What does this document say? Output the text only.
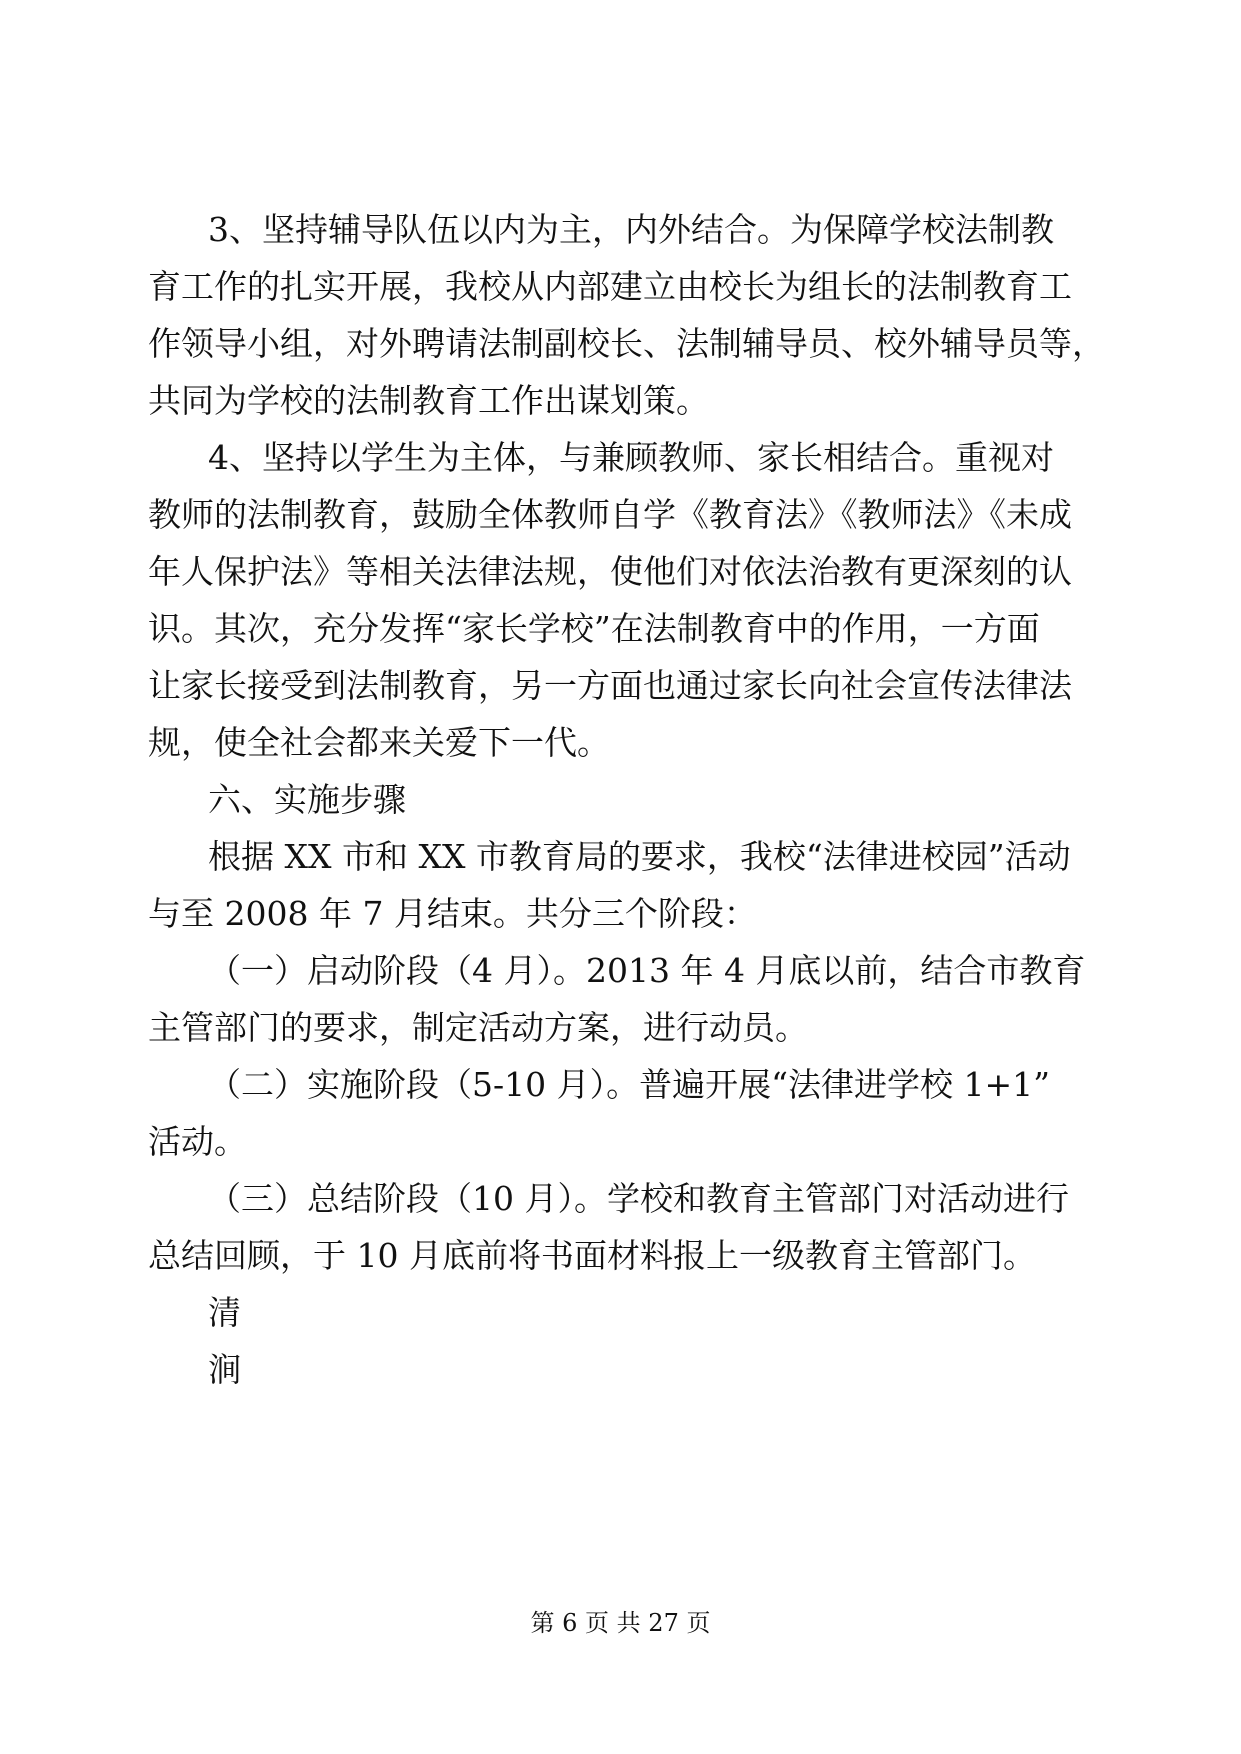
3、坚持辅导队伍以内为主，内外结合。为保障学校法制教
育工作的扎实开展，我校从内部建立由校长为组长的法制教育工
作领导小组，对外聘请法制副校长、法制辅导员、校外辅导员等，
共同为学校的法制教育工作出谋划策。
4、坚持以学生为主体，与兼顾教师、家长相结合。重视对
教师的法制教育，鼓励全体教师自学《教育法》《教师法》《未成
年人保护法》等相关法律法规，使他们对依法治教有更深刻的认
识。其次，充分发挥“家长学校”在法制教育中的作用，一方面
让家长接受到法制教育，另一方面也通过家长向社会宣传法律法
规，使全社会都来关爱下一代。
六、实施步骤
根据 XX 市和 XX 市教育局的要求，我校“法律进校园”活动
与至 2008 年 7 月结束。共分三个阶段：
（一）启动阶段（4 月）。2013 年 4 月底以前，结合市教育
主管部门的要求，制定活动方案，进行动员。
（二）实施阶段（5-10 月）。普遍开展“法律进学校 1+1”
活动。
（三）总结阶段（10 月）。学校和教育主管部门对活动进行
总结回顾，于 10 月底前将书面材料报上一级教育主管部门。
清
涧
第 6 页 共 27 页
